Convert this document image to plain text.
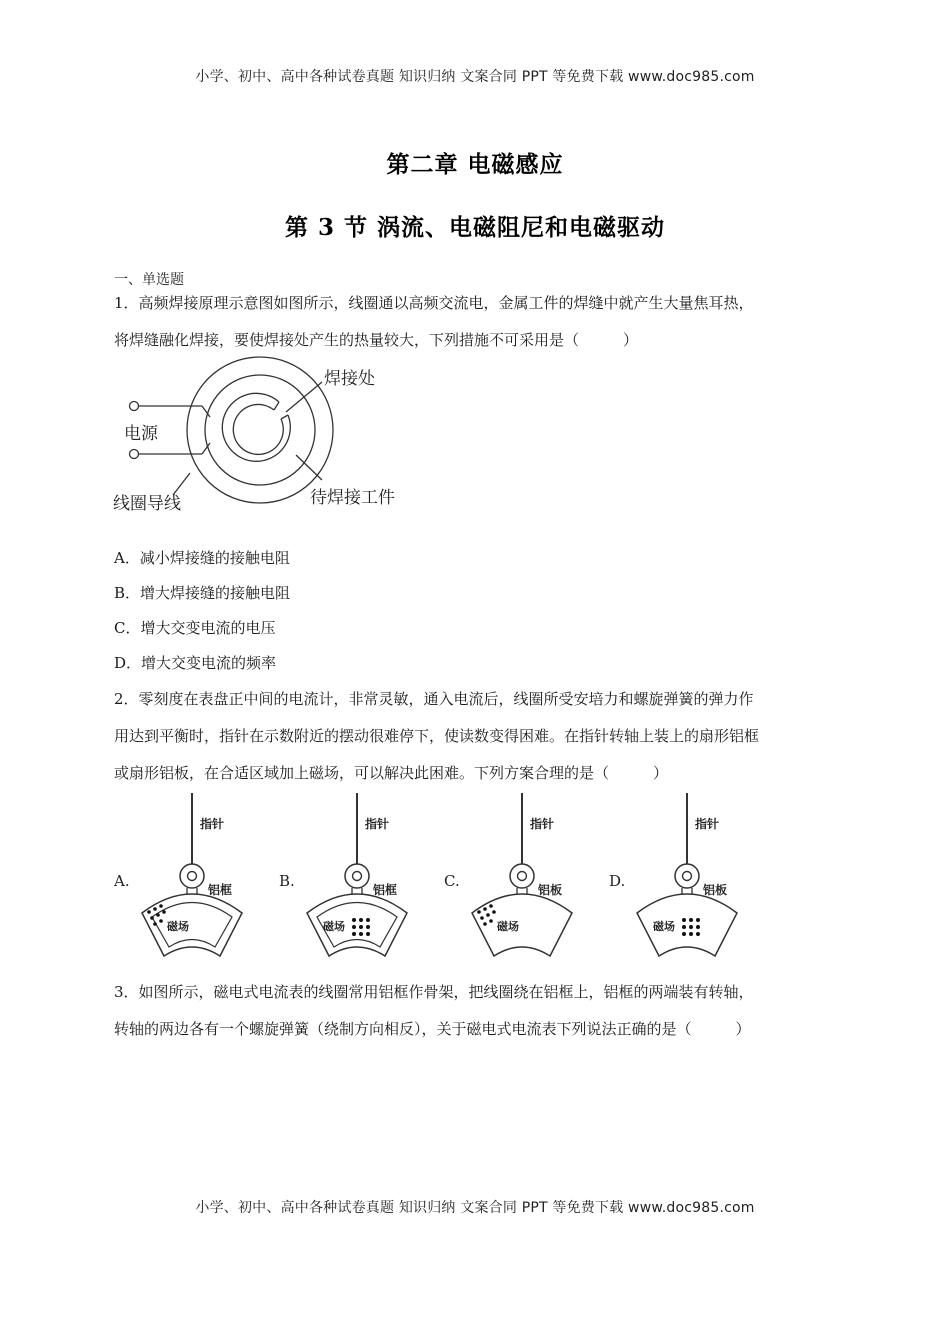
小学、初中、高中各种试卷真题 知识归纳 文案合同 PPT 等免费下载 www.doc985.com
第二章 电磁感应
第 3 节 涡流、电磁阻尼和电磁驱动
一、单选题
1．高频焊接原理示意图如图所示，线圈通以高频交流电，金属工件的焊缝中就产生大量焦耳热，
将焊缝融化焊接，要使焊接处产生的热量较大，下列措施不可采用是（	）
焊接处
电源
线圈导线	待焊接工件
A．减小焊接缝的接触电阻
B．增大焊接缝的接触电阻
C．增大交变电流的电压
D．增大交变电流的频率
2．零刻度在表盘正中间的电流计，非常灵敏，通入电流后，线圈所受安培力和螺旋弹簧的弹力作
用达到平衡时，指针在示数附近的摆动很难停下，使读数变得困难。在指针转轴上装上的扇形铝框
或扇形铝板，在合适区域加上磁场，可以解决此困难。下列方案合理的是（	）
A.
指针
铝框
磁场
B.
指针
铝框
磁场
C.
指针
铝板
磁场
D.
指针
铝板
磁场
3．如图所示，磁电式电流表的线圈常用铝框作骨架，把线圈绕在铝框上，铝框的两端装有转轴，
转轴的两边各有一个螺旋弹簧（绕制方向相反），关于磁电式电流表下列说法正确的是（	）
小学、初中、高中各种试卷真题 知识归纳 文案合同 PPT 等免费下载 www.doc985.com
